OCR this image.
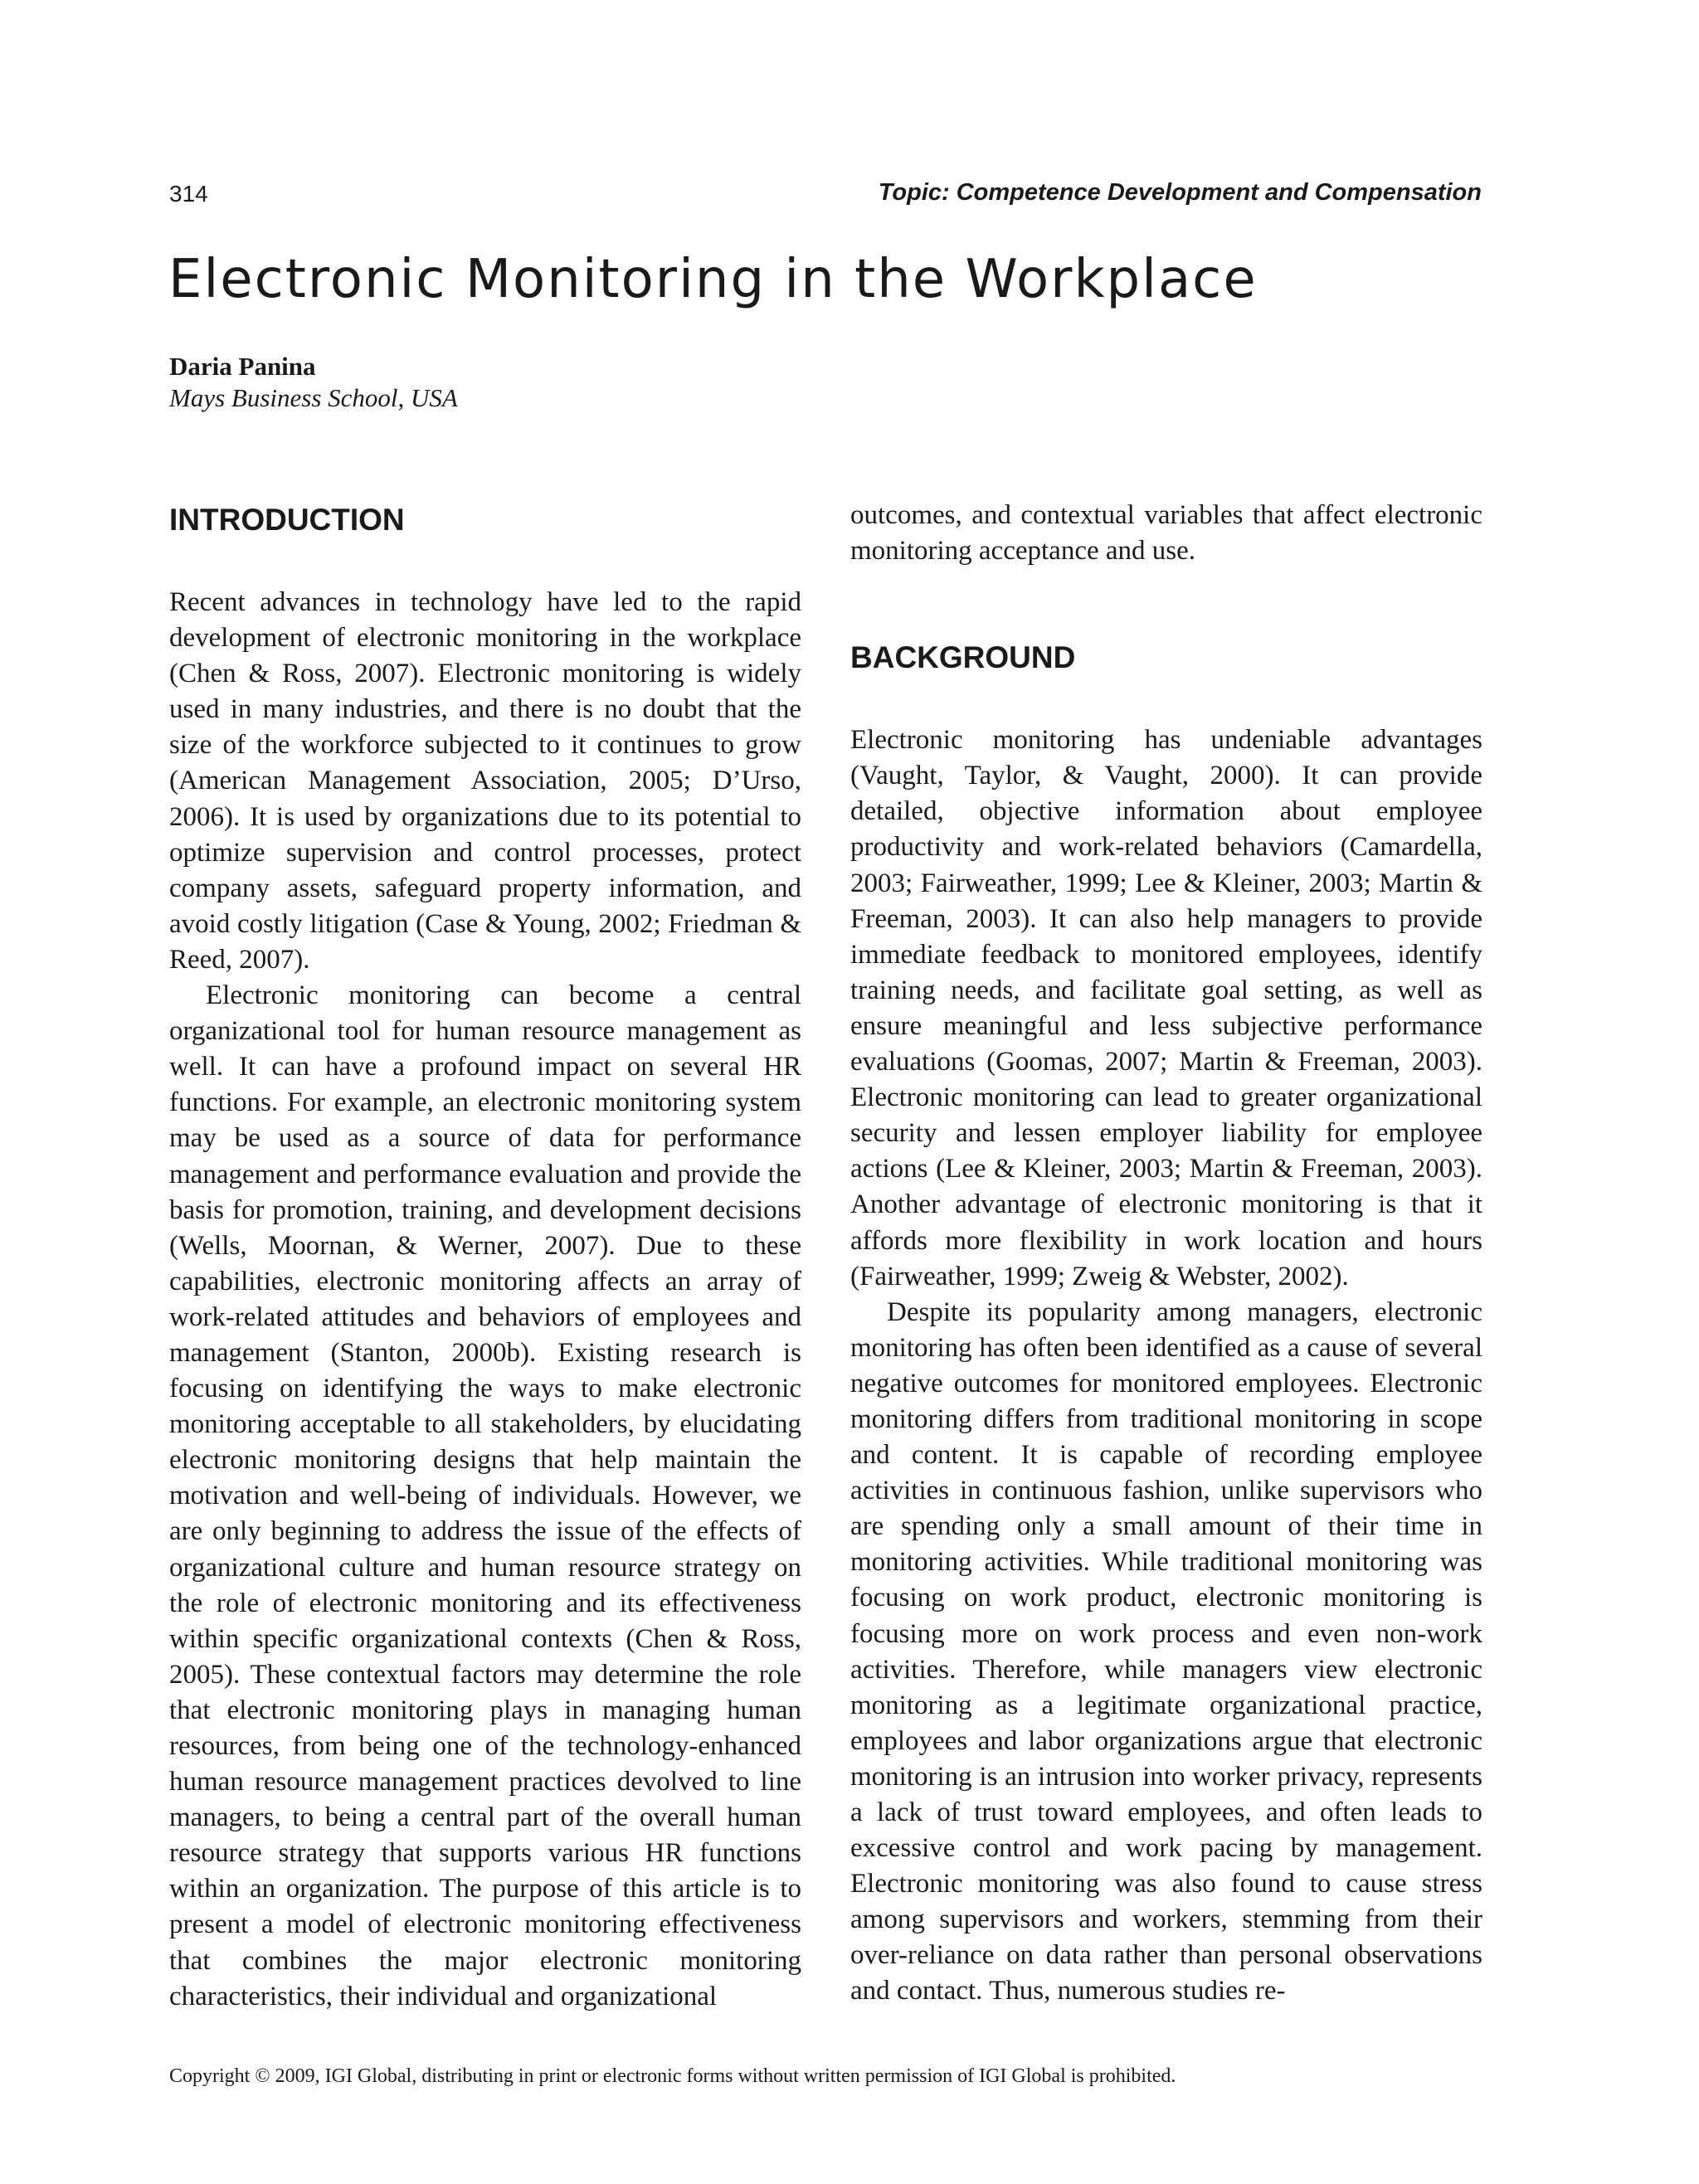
314	Topic: Competence Development and Compensation
Electronic Monitoring in the Workplace
Daria Panina
Mays Business School, USA
INTRODUCTION

Recent advances in technology have led to the rapid development of electronic monitoring in the workplace (Chen & Ross, 2007). Electronic monitoring is widely used in many industries, and there is no doubt that the size of the workforce subjected to it continues to grow (American Management Association, 2005; D’Urso, 2006). It is used by organizations due to its potential to optimize supervision and control processes, protect company assets, safeguard property information, and avoid costly litigation (Case & Young, 2002; Friedman & Reed, 2007).

Electronic monitoring can become a central organizational tool for human resource management as well. It can have a profound impact on several HR functions. For example, an electronic monitoring system may be used as a source of data for performance management and performance evaluation and provide the basis for promotion, training, and development decisions (Wells, Moornan, & Werner, 2007). Due to these capabilities, electronic monitoring affects an array of work-related attitudes and behaviors of employees and management (Stanton, 2000b). Existing research is focusing on identifying the ways to make electronic monitoring acceptable to all stakeholders, by elucidating electronic monitoring designs that help maintain the motivation and well-being of individuals. However, we are only beginning to address the issue of the effects of organizational culture and human resource strategy on the role of electronic monitoring and its effectiveness within specific organizational contexts (Chen & Ross, 2005). These contextual factors may determine the role that electronic monitoring plays in managing human resources, from being one of the technology-enhanced human resource management practices devolved to line managers, to being a central part of the overall human resource strategy that supports various HR functions within an organization. The purpose of this article is to present a model of electronic monitoring effectiveness that combines the major electronic monitoring characteristics, their individual and organizational

outcomes, and contextual variables that affect electronic monitoring acceptance and use.

BACKGROUND

Electronic monitoring has undeniable advantages (Vaught, Taylor, & Vaught, 2000). It can provide detailed, objective information about employee productivity and work-related behaviors (Camardella, 2003; Fairweather, 1999; Lee & Kleiner, 2003; Martin & Freeman, 2003). It can also help managers to provide immediate feedback to monitored employees, identify training needs, and facilitate goal setting, as well as ensure meaningful and less subjective performance evaluations (Goomas, 2007; Martin & Freeman, 2003). Electronic monitoring can lead to greater organizational security and lessen employer liability for employee actions (Lee & Kleiner, 2003; Martin & Freeman, 2003). Another advantage of electronic monitoring is that it affords more flexibility in work location and hours (Fairweather, 1999; Zweig & Webster, 2002).

Despite its popularity among managers, electronic monitoring has often been identified as a cause of several negative outcomes for monitored employees. Electronic monitoring differs from traditional monitoring in scope and content. It is capable of recording employee activities in continuous fashion, unlike supervisors who are spending only a small amount of their time in monitoring activities. While traditional monitoring was focusing on work product, electronic monitoring is focusing more on work process and even non-work activities. Therefore, while managers view electronic monitoring as a legitimate organizational practice, employees and labor organizations argue that electronic monitoring is an intrusion into worker privacy, represents a lack of trust toward employees, and often leads to excessive control and work pacing by management. Electronic monitoring was also found to cause stress among supervisors and workers, stemming from their over-reliance on data rather than personal observations and contact. Thus, numerous studies re-

Copyright © 2009, IGI Global, distributing in print or electronic forms without written permission of IGI Global is prohibited.
